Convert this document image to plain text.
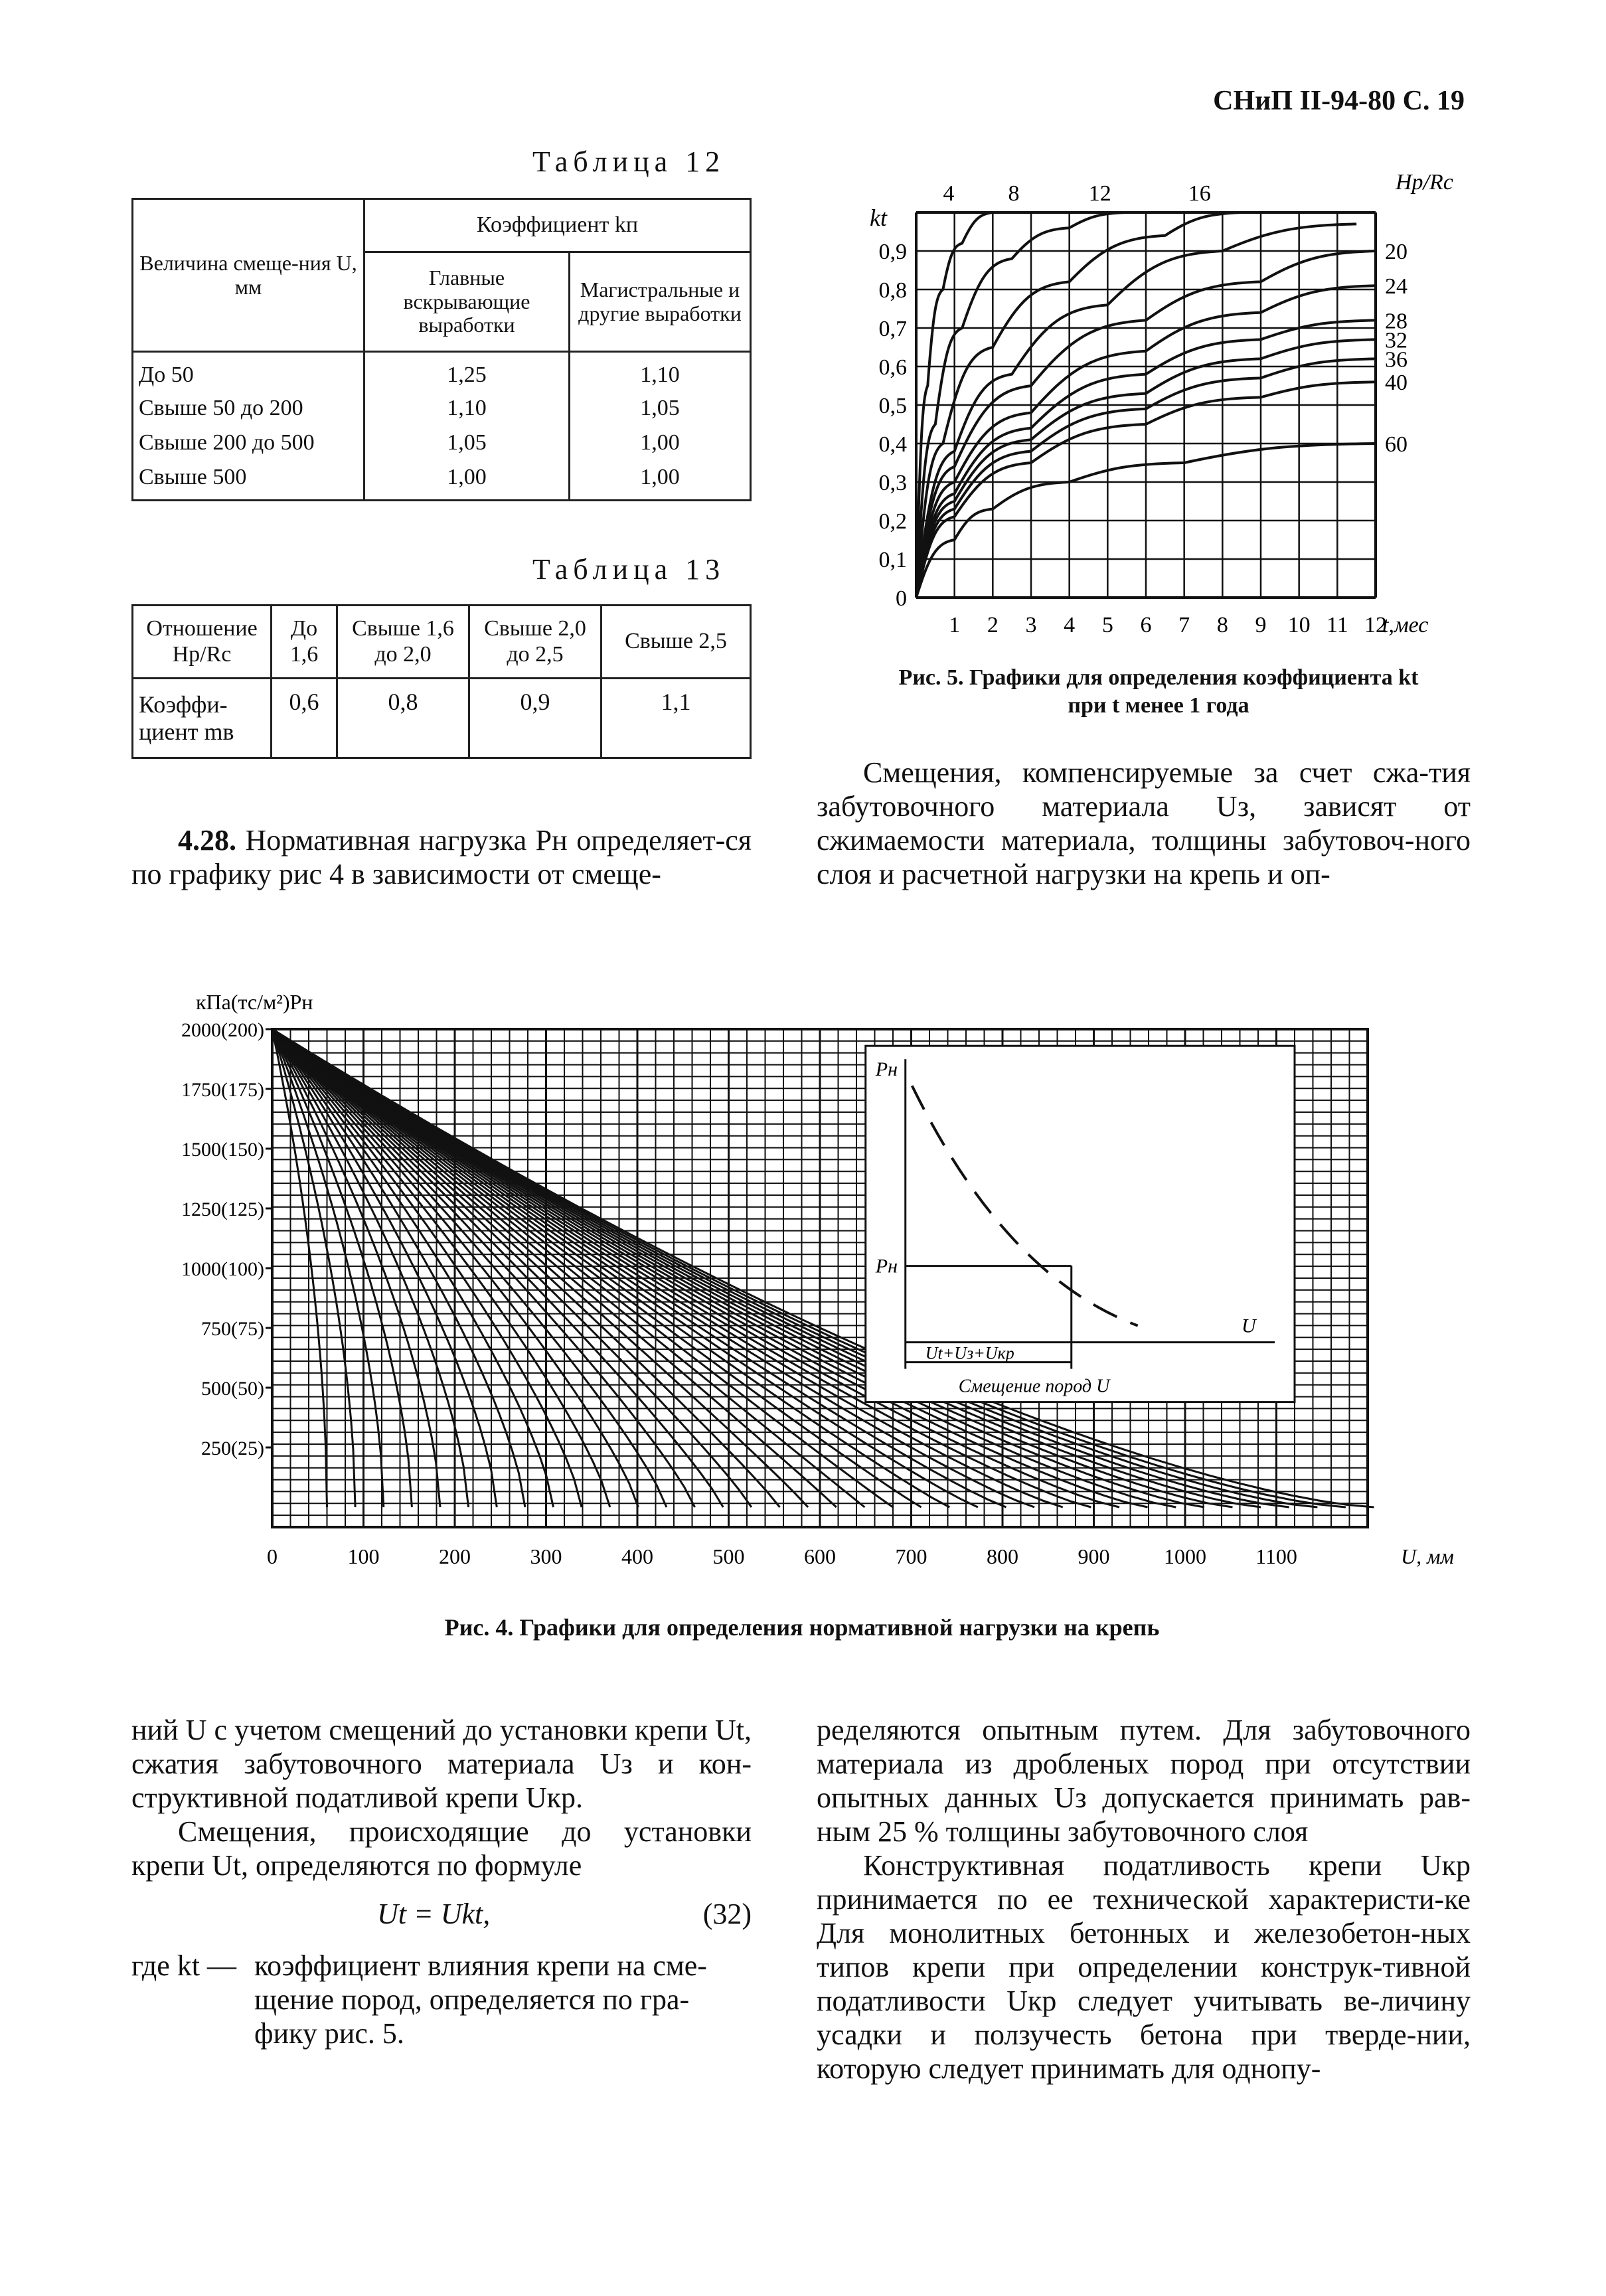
СНиП II-94-80 С. 19
Таблица 12
Величина смеще-ния U, мм	Коэффициент kп	
	Главные вскрывающие выработки	Магистральные и другие выработки
До 50	1,25	1,10
Свыше 50 до 200	1,10	1,05
Свыше 200 до 500	1,05	1,00
Свыше 500	1,00	1,00
Таблица 13
Отношение Hр/Rс	До 1,6	Свыше 1,6 до 2,0	Свыше 2,0 до 2,5	Свыше 2,5
Коэффи-циент mв	0,6	0,8	0,9	1,1
4.28. Нормативная нагрузка Pн определяет-ся по графику рис 4 в зависимости от смеще-
0
0,1
0,2
0,3
0,4
0,5
0,6
0,7
0,8
0,9
1 2 3 4 5 6 7 8 9 10 11 12
t,мес
kt
4 8	12	16	Hр/Rс
20
24
28
32
36
40
60
Рис. 5. Графики для определения коэффициента kt
при t менее 1 года
Смещения, компенсируемые за счет сжа-тия забутовочного материала Uз, зависят от сжимаемости материала, толщины забутовоч-ного слоя и расчетной нагрузки на крепь и оп-
кПа(тс/м²)Pн
250(25)
500(50)
750(75)
1000(100)
1250(125)
1500(150)
1750(175)
2000(200)
0	100	200	300	400	500	600	700	800	900	1000 1100	U, мм
Pн
Pн
U
Ut+Uз+Uкр
Смещение пород U
Рис. 4. Графики для определения нормативной нагрузки на крепь
ний U с учетом смещений до установки крепи Ut, сжатия забутовочного материала Uз и кон-структивной податливой крепи Uкр.
Смещения, происходящие до установки крепи Ut, определяются по формуле
Ut = Ukt,	(32)
где kt — коэффициент влияния крепи на сме-щение пород, определяется по гра-фику рис. 5.
ределяются опытным путем. Для забутовочного материала из дробленых пород при отсутствии опытных данных Uз допускается принимать рав-ным 25 % толщины забутовочного слоя
Конструктивная податливость крепи Uкр принимается по ее технической характеристи-ке Для монолитных бетонных и железобетон-ных типов крепи при определении конструк-тивной податливости Uкр следует учитывать ве-личину усадки и ползучесть бетона при тверде-нии, которую следует принимать для однопу-
